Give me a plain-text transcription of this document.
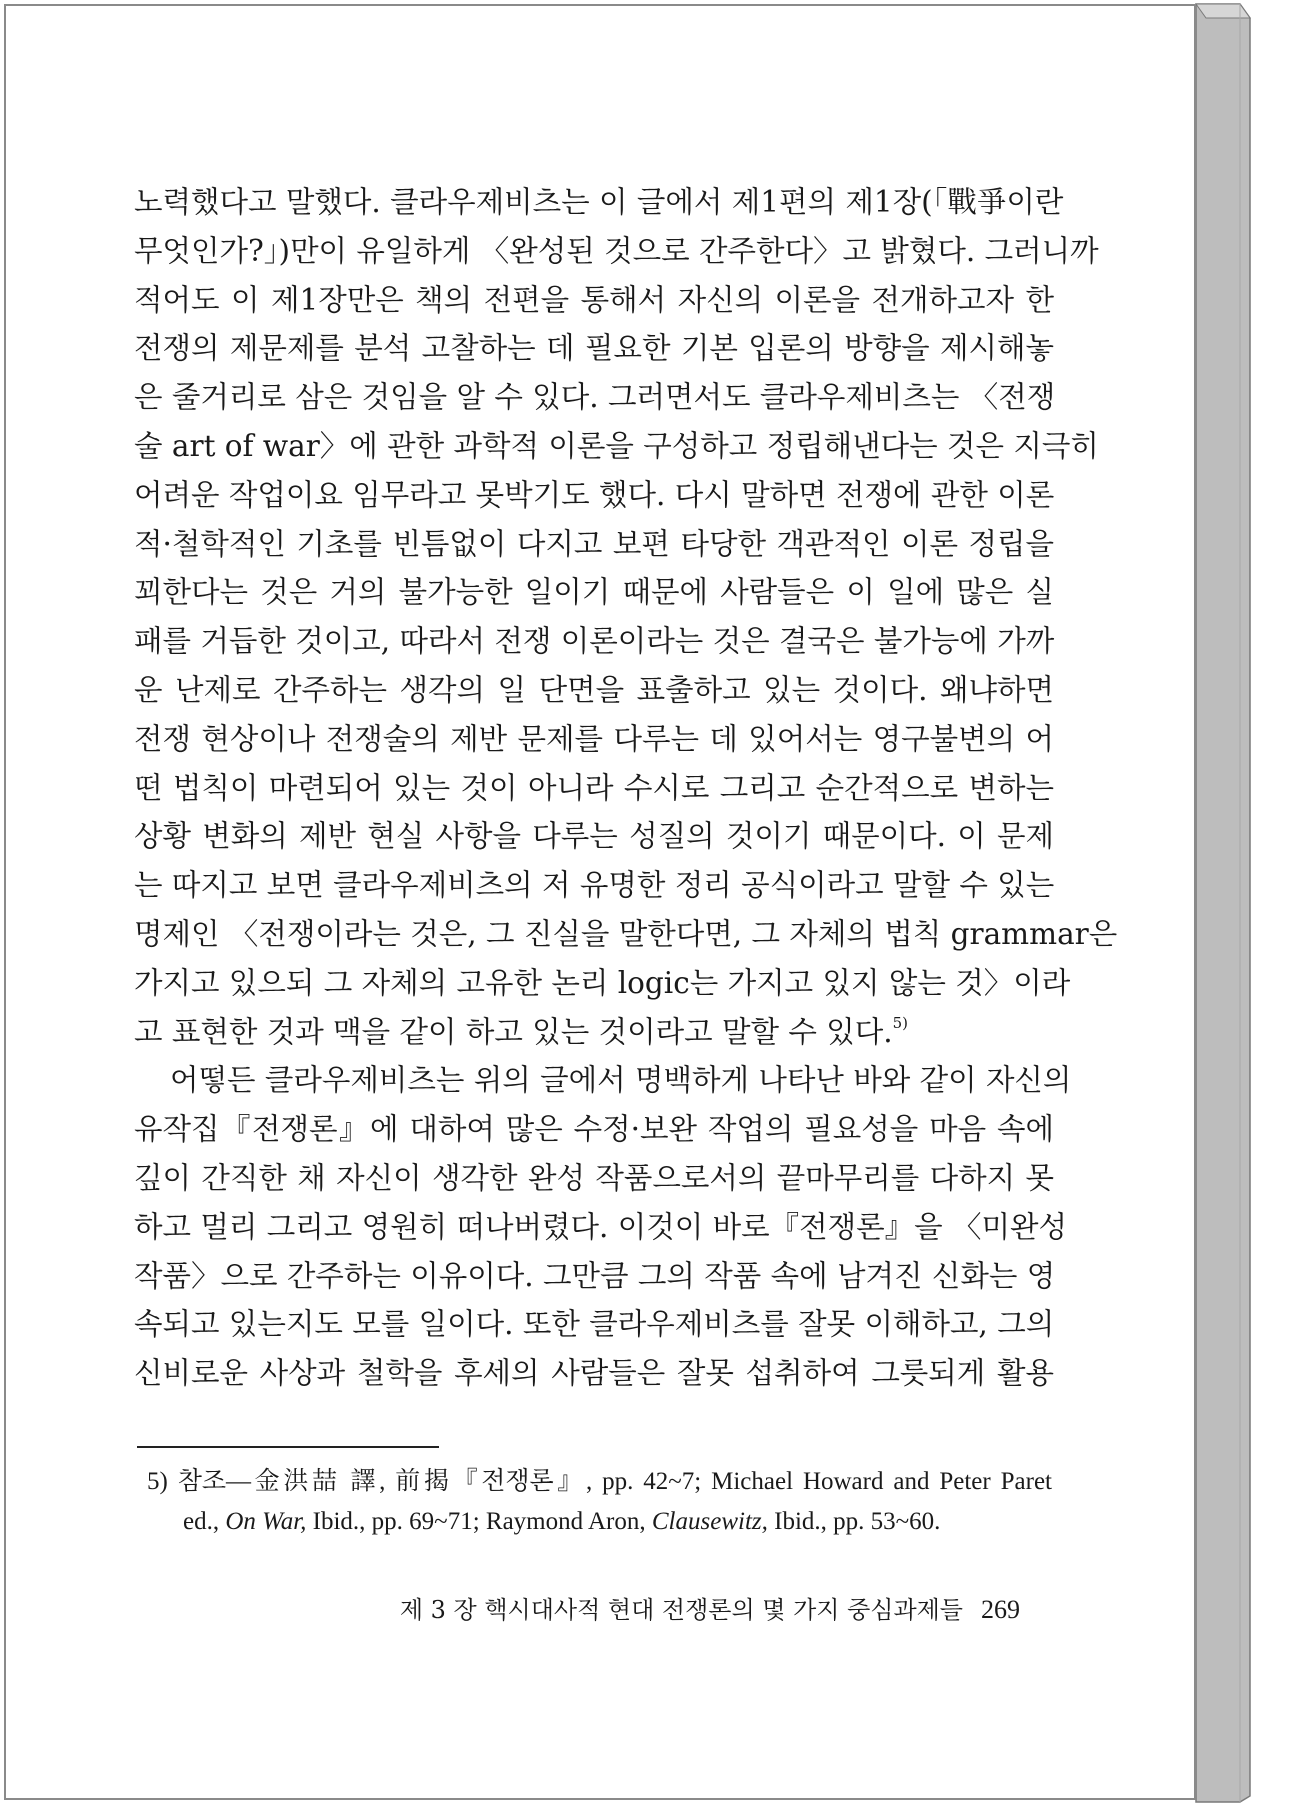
노력했다고 말했다. 클라우제비츠는 이 글에서 제1편의 제1장(「戰爭이란
무엇인가?」)만이 유일하게 〈완성된 것으로 간주한다〉고 밝혔다. 그러니까
적어도 이 제1장만은 책의 전편을 통해서 자신의 이론을 전개하고자 한
전쟁의 제문제를 분석 고찰하는 데 필요한 기본 입론의 방향을 제시해놓
은 줄거리로 삼은 것임을 알 수 있다. 그러면서도 클라우제비츠는 〈전쟁
술 art of war〉에 관한 과학적 이론을 구성하고 정립해낸다는 것은 지극히
어려운 작업이요 임무라고 못박기도 했다. 다시 말하면 전쟁에 관한 이론
적·철학적인 기초를 빈틈없이 다지고 보편 타당한 객관적인 이론 정립을
꾀한다는 것은 거의 불가능한 일이기 때문에 사람들은 이 일에 많은 실
패를 거듭한 것이고, 따라서 전쟁 이론이라는 것은 결국은 불가능에 가까
운 난제로 간주하는 생각의 일 단면을 표출하고 있는 것이다. 왜냐하면
전쟁 현상이나 전쟁술의 제반 문제를 다루는 데 있어서는 영구불변의 어
떤 법칙이 마련되어 있는 것이 아니라 수시로 그리고 순간적으로 변하는
상황 변화의 제반 현실 사항을 다루는 성질의 것이기 때문이다. 이 문제
는 따지고 보면 클라우제비츠의 저 유명한 정리 공식이라고 말할 수 있는
명제인 〈전쟁이라는 것은, 그 진실을 말한다면, 그 자체의 법칙 grammar은
가지고 있으되 그 자체의 고유한 논리 logic는 가지고 있지 않는 것〉이라
고 표현한 것과 맥을 같이 하고 있는 것이라고 말할 수 있다.$^{5)}$
어떻든 클라우제비츠는 위의 글에서 명백하게 나타난 바와 같이 자신의
유작집『전쟁론』에 대하여 많은 수정·보완 작업의 필요성을 마음 속에
깊이 간직한 채 자신이 생각한 완성 작품으로서의 끝마무리를 다하지 못
하고 멀리 그리고 영원히 떠나버렸다. 이것이 바로『전쟁론』을 〈미완성
작품〉으로 간주하는 이유이다. 그만큼 그의 작품 속에 남겨진 신화는 영
속되고 있는지도 모를 일이다. 또한 클라우제비츠를 잘못 이해하고, 그의
신비로운 사상과 철학을 후세의 사람들은 잘못 섭취하여 그릇되게 활용
5) 참조—金洪喆 譯, 前揭『전쟁론』, pp. 42~7; Michael Howard and Peter Paret
ed., On War, Ibid., pp. 69~71; Raymond Aron, Clausewitz, Ibid., pp. 53~60.
제 3 장 핵시대사적 현대 전쟁론의 몇 가지 중심과제들 269
